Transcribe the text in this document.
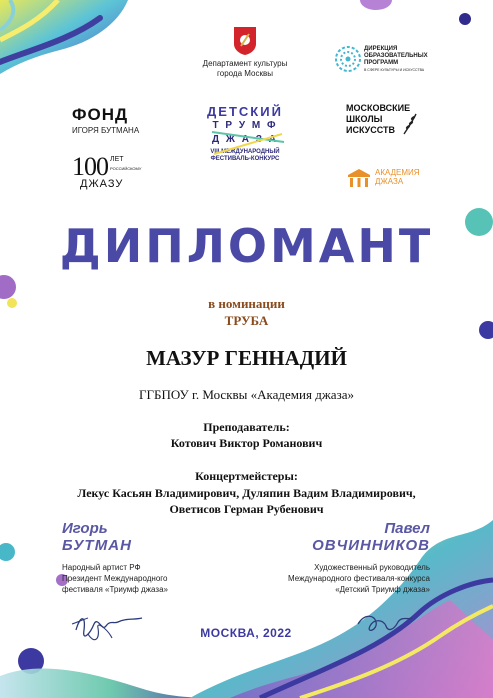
Департамент культуры
города Москвы
ДИРЕКЦИЯ
ОБРАЗОВАТЕЛЬНЫХ
ПРОГРАММ
В СФЕРЕ КУЛЬТУРЫ И ИСКУССТВА
ФОНД
ИГОРЯ БУТМАНА
ДЕТСКИЙ
Т Р У М Ф
Д Ж А З А
VIII МЕЖДУНАРОДНЫЙ
ФЕСТИВАЛЬ-КОНКУРС
МОСКОВСКИЕ
ШКОЛЫ
ИСКУССТВ
100 ЛЕТ
РОССИЙСКОМУ
ДЖАЗУ
АКАДЕМИЯ
ДЖАЗА
ДИПЛОМАНТ
в номинации
ТРУБА
МАЗУР ГЕННАДИЙ
ГГБПОУ г. Москвы «Академия джаза»
Преподаватель:
Котович Виктор Романович
Концертмейстеры:
Лекус Касьян Владимирович, Дуляпин Вадим Владимирович,
Оветисов Герман Рубенович
Игорь
БУТМАН
Народный артист РФ
Президент Международного
фестиваля «Триумф джаза»
Павел
ОВЧИННИКОВ
Художественный руководитель
Международного фестиваля-конкурса
«Детский Триумф джаза»
МОСКВА, 2022
